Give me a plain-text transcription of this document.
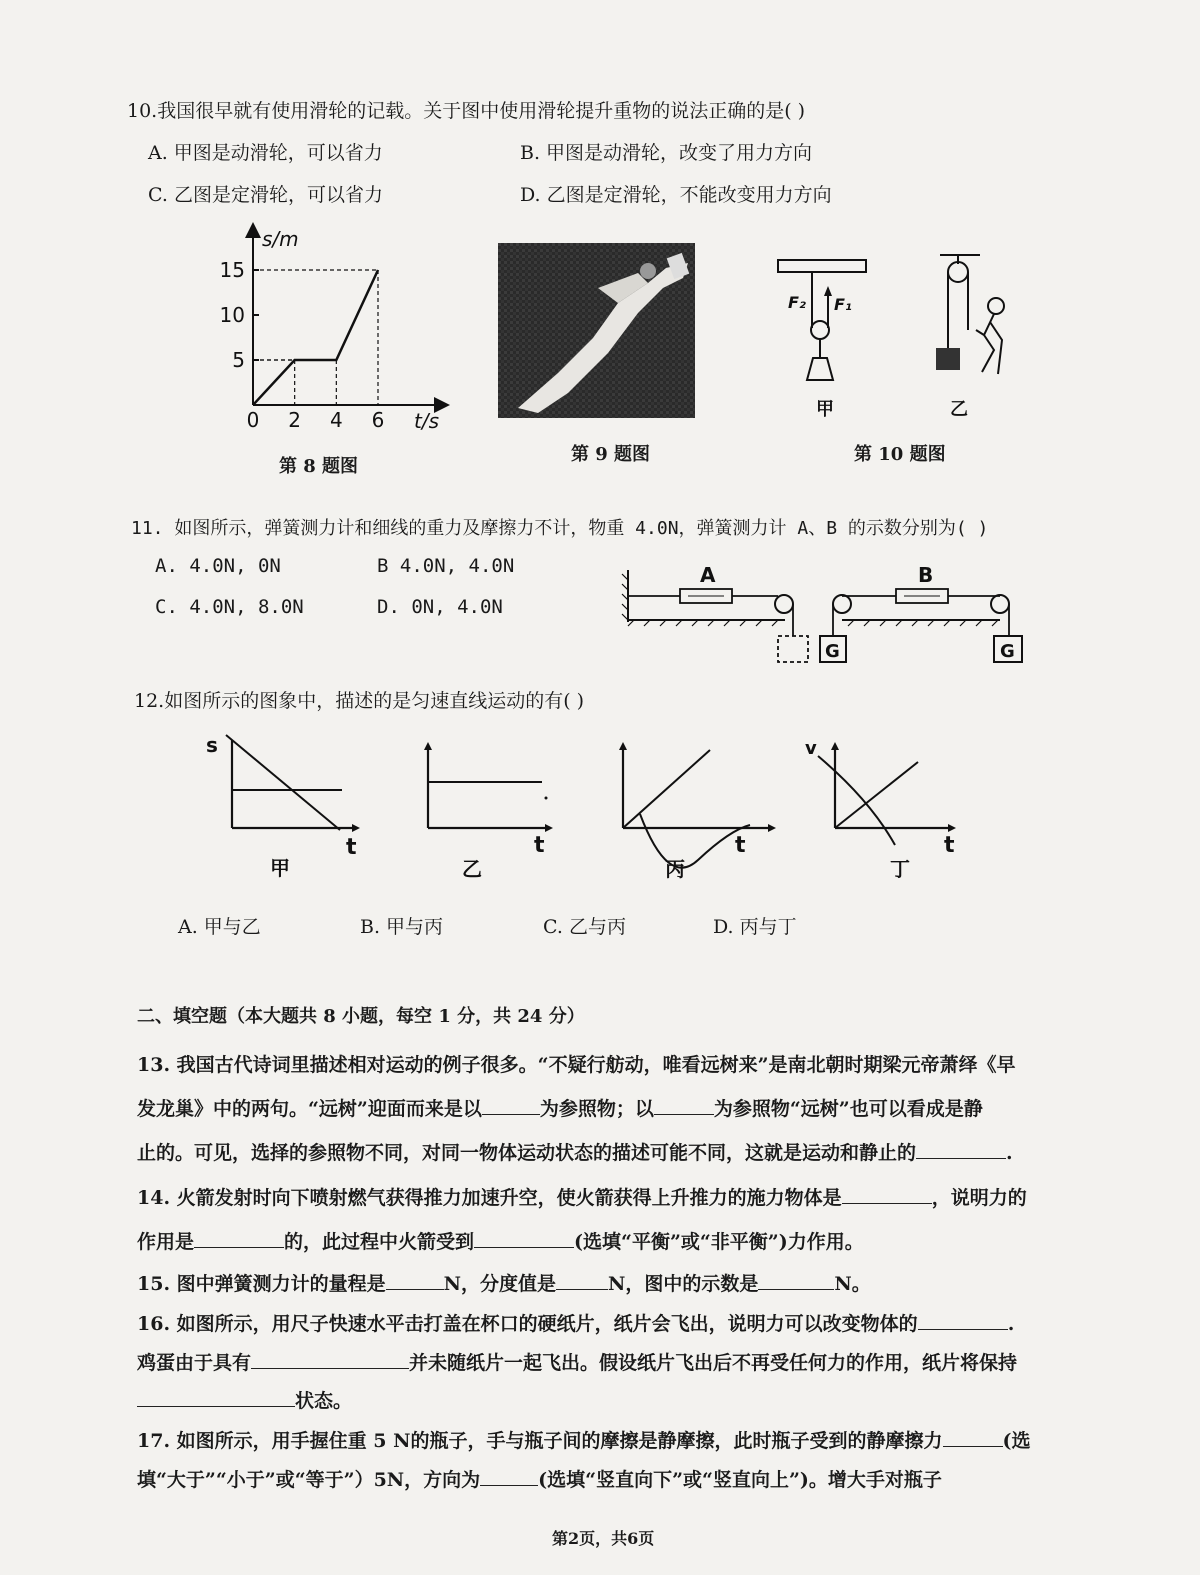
10.我国很早就有使用滑轮的记载。关于图中使用滑轮提升重物的说法正确的是( )
A. 甲图是动滑轮，可以省力	B. 甲图是动滑轮，改变了用力方向
C. 乙图是定滑轮，可以省力	D. 乙图是定滑轮，不能改变用力方向
15
10
5
0 2 4 6
s/m
t/s
第 8 题图
第 9 题图
F₂ F₁
甲	乙
第 10 题图
11. 如图所示，弹簧测力计和细线的重力及摩擦力不计，物重 4.0N，弹簧测力计 A、B 的示数分别为( )
A. 4.0N, 0N	B 4.0N, 4.0N
C. 4.0N, 8.0N	D. 0N, 4.0N
A
G
B
G
12.如图所示的图象中，描述的是匀速直线运动的有( )
s
t
甲
t
乙
t
丙
v
t
丁
A. 甲与乙	B. 甲与丙	C. 乙与丙	D. 丙与丁
二、填空题（本大题共 8 小题，每空 1 分，共 24 分）
13. 我国古代诗词里描述相对运动的例子很多。“不疑行舫动，唯看远树来”是南北朝时期梁元帝萧绎《早
发龙巢》中的两句。“远树”迎面而来是以	为参照物；以	为参照物“远树”也可以看成是静
止的。可见，选择的参照物不同，对同一物体运动状态的描述可能不同，这就是运动和静止的	.
14. 火箭发射时向下喷射燃气获得推力加速升空，使火箭获得上升推力的施力物体是	，说明力的
作用是	的，此过程中火箭受到	(选填“平衡”或“非平衡”)力作用。
15. 图中弹簧测力计的量程是	N，分度值是	N，图中的示数是	N。
16. 如图所示，用尺子快速水平击打盖在杯口的硬纸片，纸片会飞出，说明力可以改变物体的	.
鸡蛋由于具有	并未随纸片一起飞出。假设纸片飞出后不再受任何力的作用，纸片将保持
状态。
17. 如图所示，用手握住重 5 N的瓶子，手与瓶子间的摩擦是静摩擦，此时瓶子受到的静摩擦力	(选
填“大于”“小于”或“等于”）5N，方向为	(选填“竖直向下”或“竖直向上”)。增大手对瓶子
第2页，共6页
